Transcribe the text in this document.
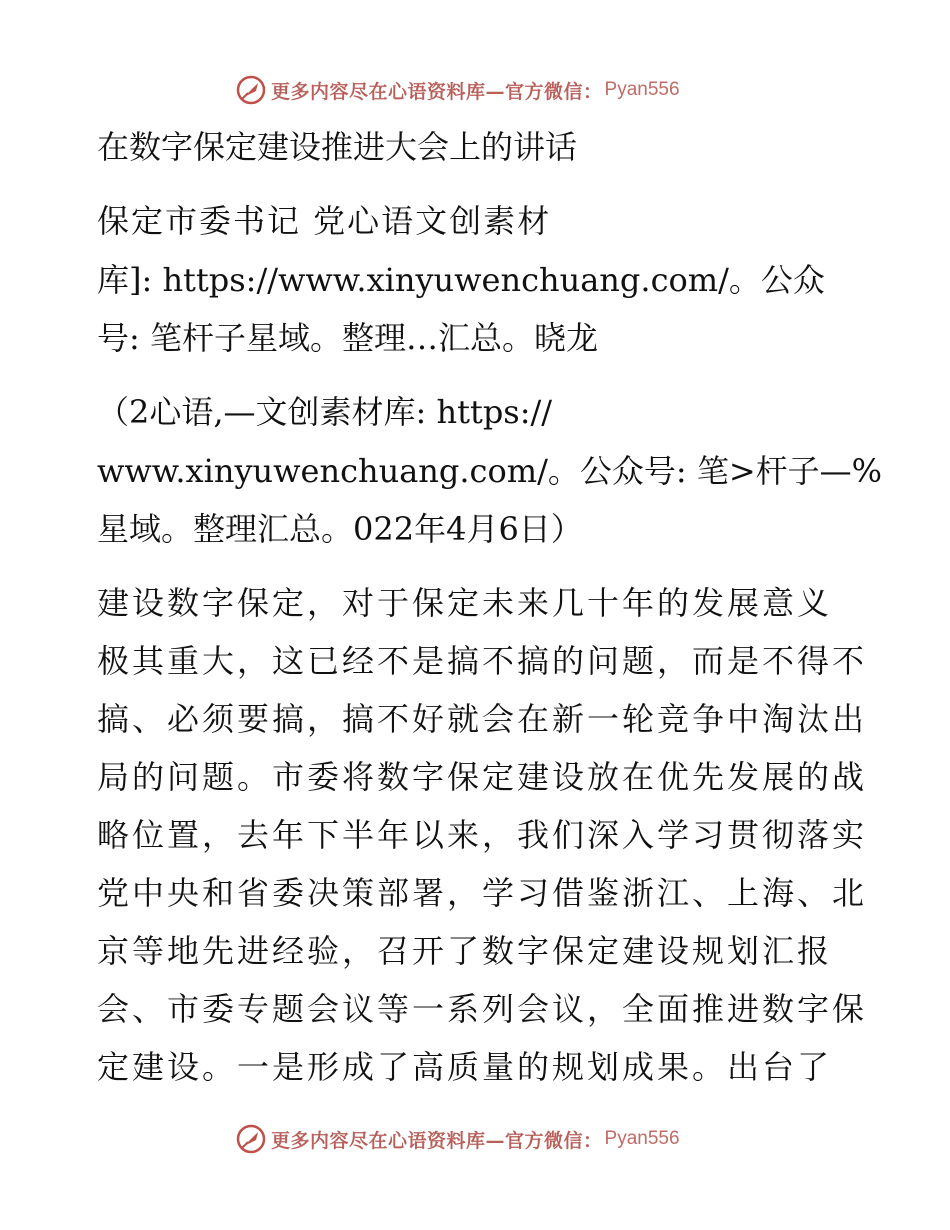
更多内容尽在心语资料库—官方微信： Pyan556
在数字保定建设推进大会上的讲话
保定市委书记 党心语文创素材
库]: https://www.xinyuwenchuang.com/。公众
号: 笔杆子星域。整理…汇总。晓龙
（2心语,—文创素材库: https://
www.xinyuwenchuang.com/。公众号: 笔>杆子—%
星域。整理汇总。022年4月6日）
建设数字保定，对于保定未来几十年的发展意义
极其重大，这已经不是搞不搞的问题，而是不得不
搞、必须要搞，搞不好就会在新一轮竞争中淘汰出
局的问题。市委将数字保定建设放在优先发展的战
略位置，去年下半年以来，我们深入学习贯彻落实
党中央和省委决策部署，学习借鉴浙江、上海、北
京等地先进经验，召开了数字保定建设规划汇报
会、市委专题会议等一系列会议，全面推进数字保
定建设。一是形成了高质量的规划成果。出台了
更多内容尽在心语资料库—官方微信： Pyan556
